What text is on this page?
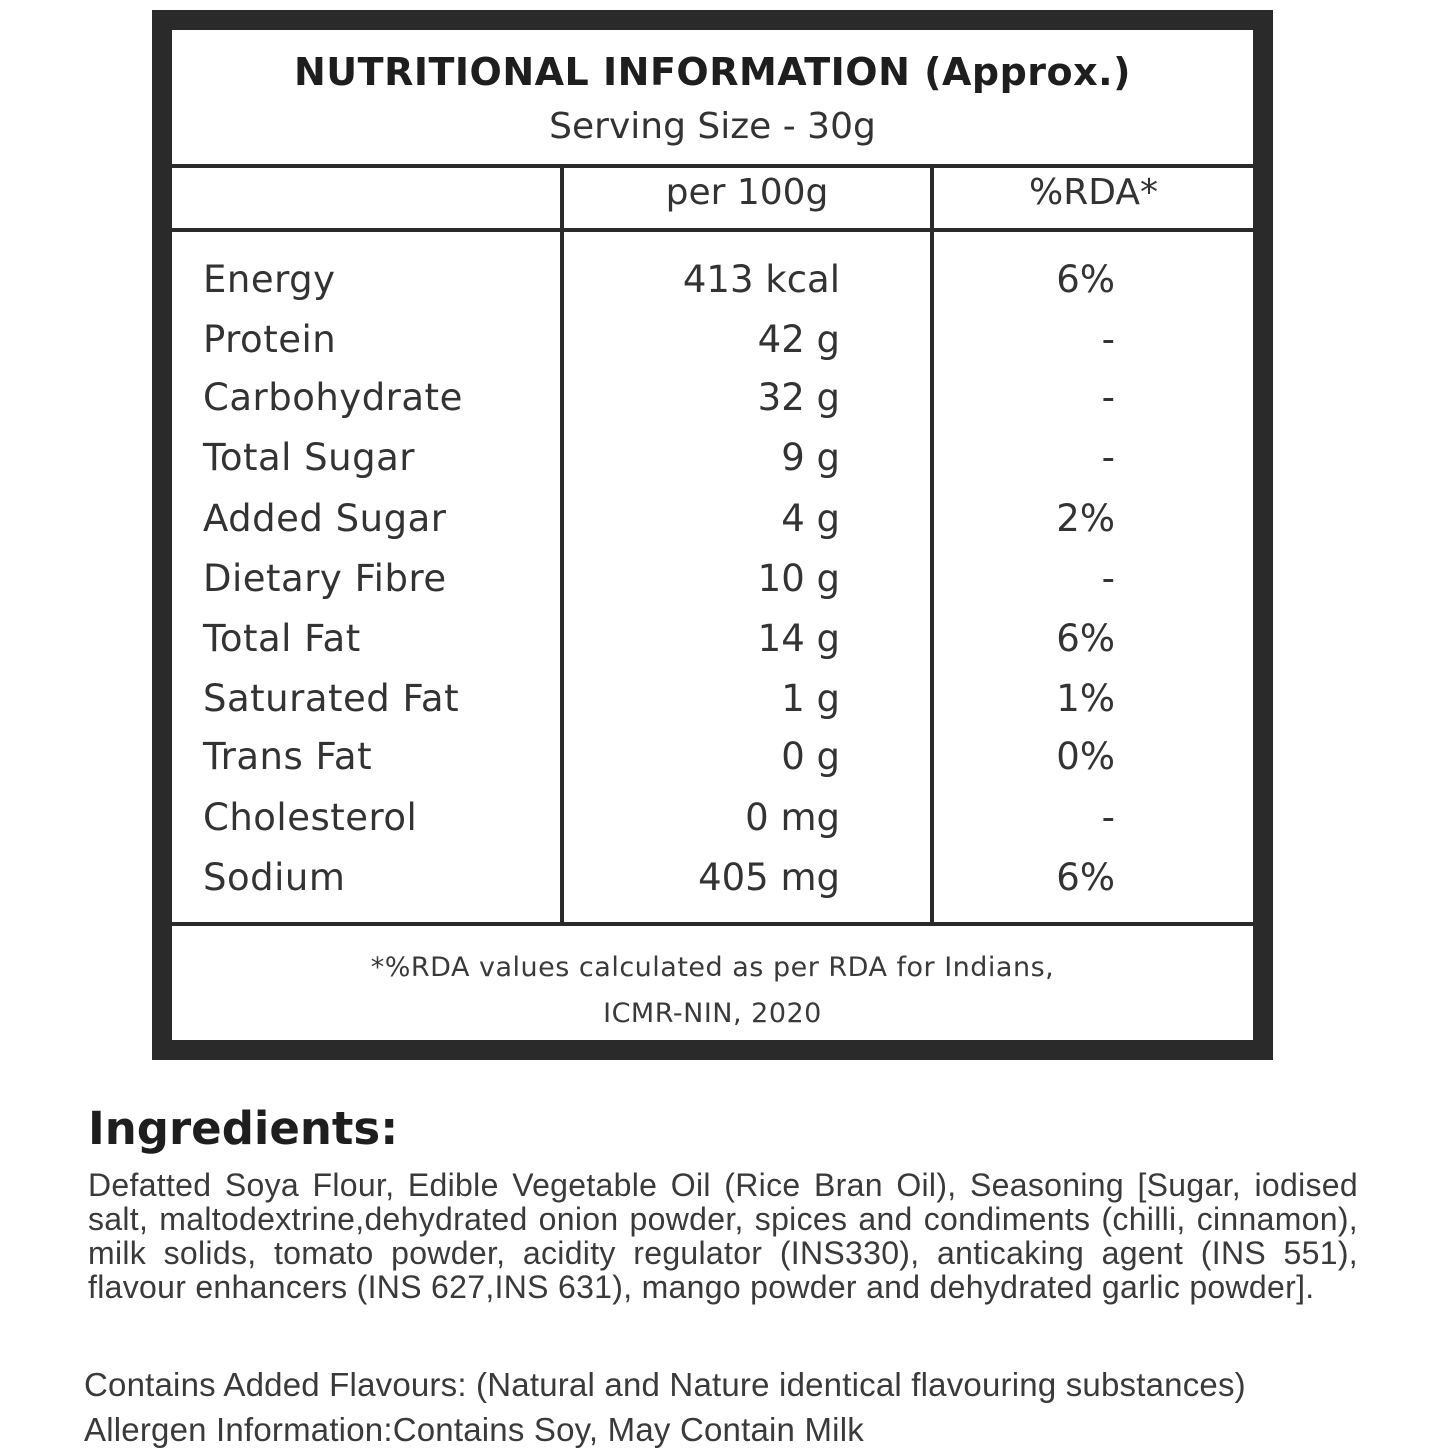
NUTRITIONAL INFORMATION (Approx.)
Serving Size - 30g
per 100g	%RDA*
Energy	413 kcal	6%
Protein	42 g	-
Carbohydrate	32 g	-
Total Sugar	9 g	-
Added Sugar	4 g	2%
Dietary Fibre	10 g	-
Total Fat	14 g	6%
Saturated Fat	1 g	1%
Trans Fat	0 g	0%
Cholesterol	0 mg	-
Sodium	405 mg	6%
*%RDA values calculated as per RDA for Indians,
ICMR-NIN, 2020
Ingredients:
Defatted Soya Flour, Edible Vegetable Oil (Rice Bran Oil), Seasoning [Sugar, iodised salt, maltodextrine,dehydrated onion powder, spices and condiments (chilli, cinnamon), milk solids, tomato powder, acidity regulator (INS330), anticaking agent (INS 551), flavour enhancers (INS 627,INS 631), mango powder and dehydrated garlic powder].
Contains Added Flavours: (Natural and Nature identical flavouring substances)
Allergen Information:Contains Soy, May Contain Milk
